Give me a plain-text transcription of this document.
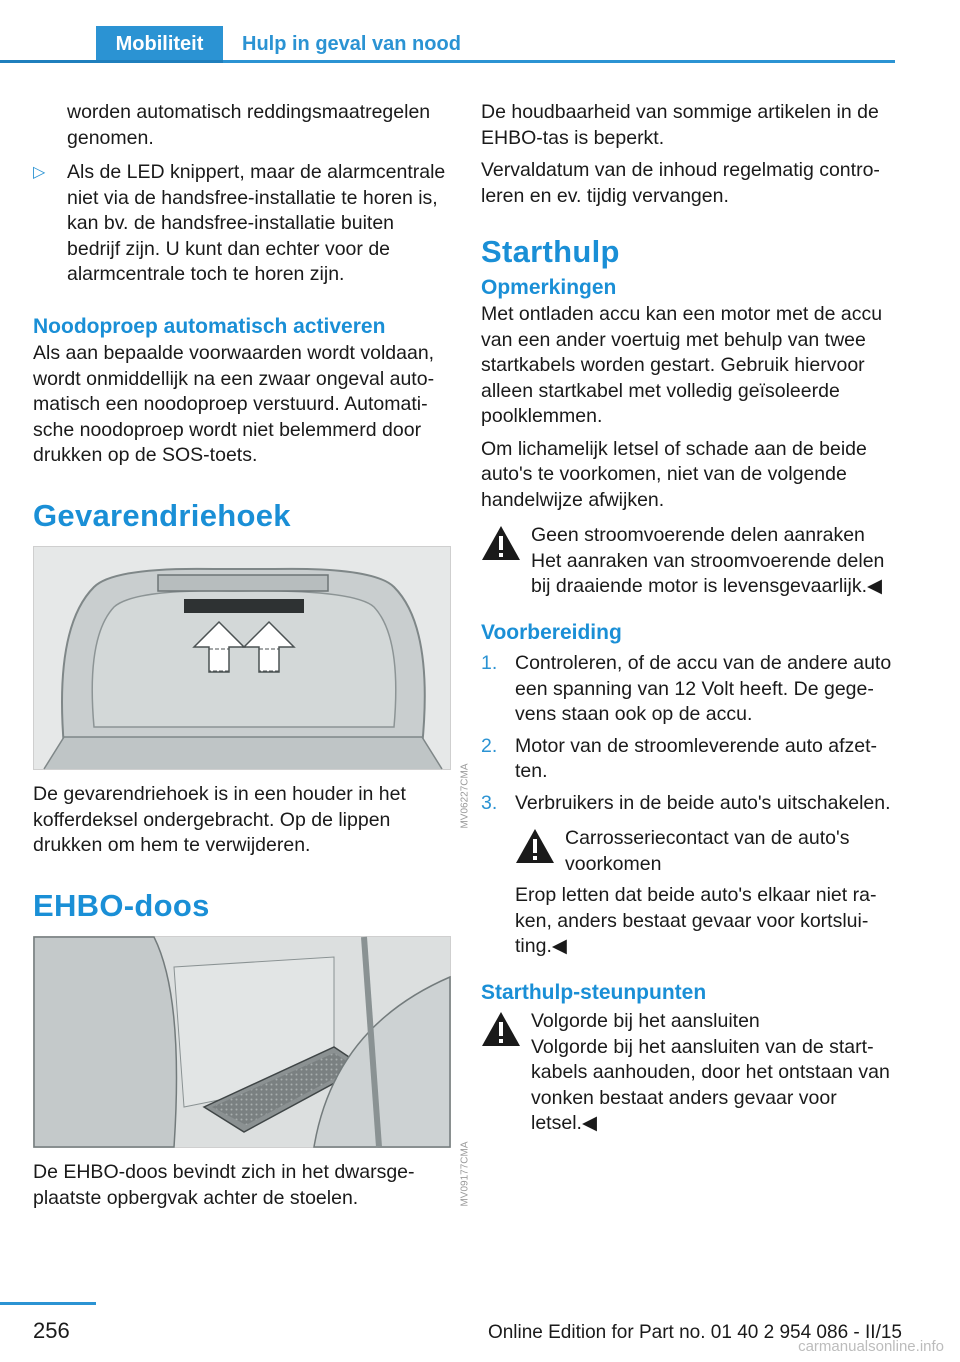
Mobiliteit	Hulp in geval van nood

worden automatisch reddingsmaatregelen genomen.

▷ Als de LED knippert, maar de alarmcentrale niet via de handsfree-installatie te horen is, kan bv. de handsfree-installatie buiten bedrijf zijn. U kunt dan echter voor de alarmcentrale toch te horen zijn.
Noodoproep automatisch activeren

Als aan bepaalde voorwaarden wordt voldaan, wordt onmiddellijk na een zwaar ongeval automatisch een noodoproep verstuurd. Automatische noodoproep wordt niet belemmerd door drukken op de SOS-toets.

Gevarendriehoek
MV06227CMA

De gevarendriehoek is in een houder in het kofferdeksel ondergebracht. Op de lippen drukken om hem te verwijderen.

EHBO-doos
MV09177CMA

De EHBO-doos bevindt zich in het dwarsgeplaatste opbergvak achter de stoelen.

De houdbaarheid van sommige artikelen in de EHBO-tas is beperkt.

Vervaldatum van de inhoud regelmatig controleren en ev. tijdig vervangen.

Starthulp
Opmerkingen

Met ontladen accu kan een motor met de accu van een ander voertuig met behulp van twee startkabels worden gestart. Gebruik hiervoor alleen startkabel met volledig geïsoleerde poolklemmen.

Om lichamelijk letsel of schade aan de beide auto's te voorkomen, niet van de volgende handelwijze afwijken.

Geen stroomvoerende delen aanraken
Het aanraken van stroomvoerende delen bij draaiende motor is levensgevaarlijk.◀
Voorbereiding
1. Controleren, of de accu van de andere auto een spanning van 12 Volt heeft. De gegevens staan ook op de accu.
2. Motor van de stroomleverende auto afzetten.
3. Verbruikers in de beide auto's uitschakelen.
Carrosseriecontact van de auto's voorkomen
Erop letten dat beide auto's elkaar niet raken, anders bestaat gevaar voor kortsluiting.◀
Starthulp-steunpunten
Volgorde bij het aansluiten
Volgorde bij het aansluiten van de startkabels aanhouden, door het ontstaan van vonken bestaat anders gevaar voor letsel.◀
256	Online Edition for Part no. 01 40 2 954 086 - II/15
carmanualsonline.info
